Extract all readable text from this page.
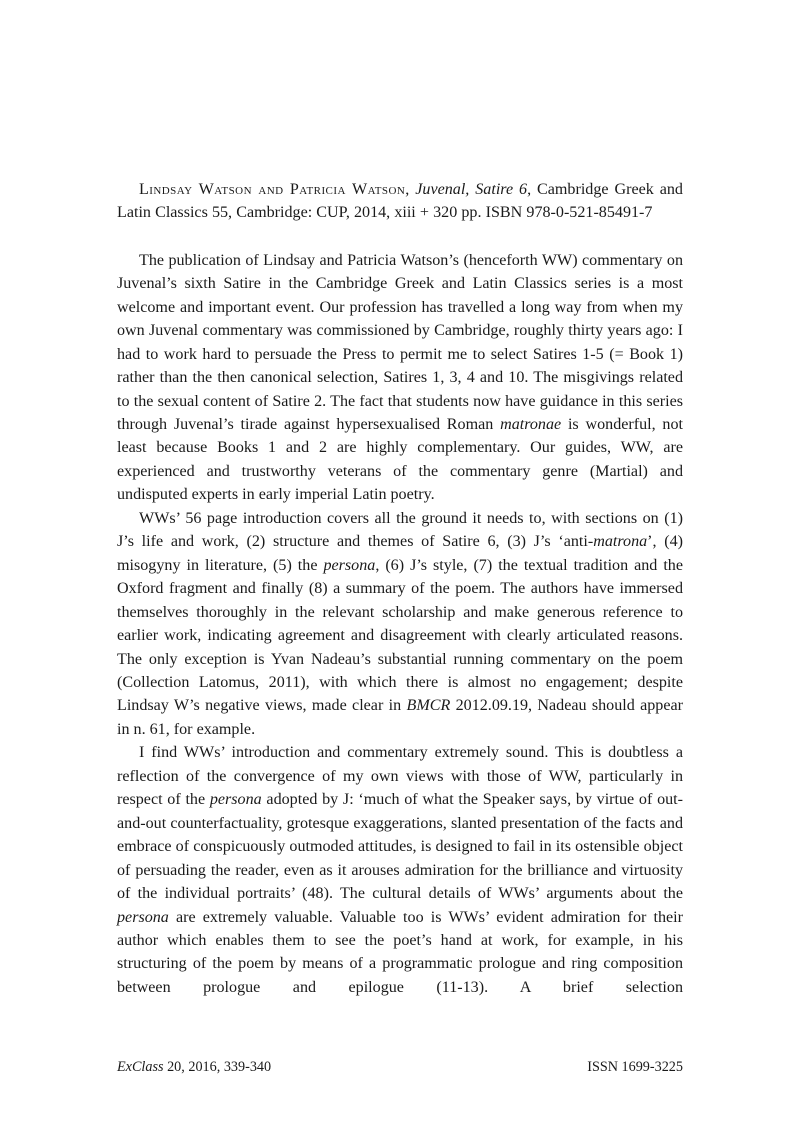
Lindsay Watson and Patricia Watson, Juvenal, Satire 6, Cambridge Greek and Latin Classics 55, Cambridge: CUP, 2014, xiii + 320 pp. ISBN 978-0-521-85491-7

The publication of Lindsay and Patricia Watson’s (henceforth WW) commentary on Juvenal’s sixth Satire in the Cambridge Greek and Latin Classics series is a most welcome and important event. Our profession has travelled a long way from when my own Juvenal commentary was commissioned by Cambridge, roughly thirty years ago: I had to work hard to persuade the Press to permit me to select Satires 1-5 (= Book 1) rather than the then canonical selection, Satires 1, 3, 4 and 10. The misgivings related to the sexual content of Satire 2. The fact that students now have guidance in this series through Juvenal’s tirade against hypersexualised Roman matronae is wonderful, not least because Books 1 and 2 are highly complementary. Our guides, WW, are experienced and trustworthy veterans of the commentary genre (Martial) and undisputed experts in early imperial Latin poetry.

WWs’ 56 page introduction covers all the ground it needs to, with sections on (1) J’s life and work, (2) structure and themes of Satire 6, (3) J’s ‘anti-matrona’, (4) misogyny in literature, (5) the persona, (6) J’s style, (7) the textual tradition and the Oxford fragment and finally (8) a summary of the poem. The authors have immersed themselves thoroughly in the relevant scholarship and make generous reference to earlier work, indicating agreement and disagreement with clearly articulated reasons. The only exception is Yvan Nadeau’s substantial running commentary on the poem (Collection Latomus, 2011), with which there is almost no engagement; despite Lindsay W’s negative views, made clear in BMCR 2012.09.19, Nadeau should appear in n. 61, for example.

I find WWs’ introduction and commentary extremely sound. This is doubtless a reflection of the convergence of my own views with those of WW, particularly in respect of the persona adopted by J: ‘much of what the Speaker says, by virtue of out-and-out counterfactuality, grotesque exaggerations, slanted presentation of the facts and embrace of conspicuously outmoded attitudes, is designed to fail in its ostensible object of persuading the reader, even as it arouses admiration for the brilliance and virtuosity of the individual portraits’ (48). The cultural details of WWs’ arguments about the persona are extremely valuable. Valuable too is WWs’ evident admiration for their author which enables them to see the poet’s hand at work, for example, in his structuring of the poem by means of a programmatic prologue and ring composition between prologue and epilogue (11-13). A brief selection

ExClass 20, 2016, 339-340	ISSN 1699-3225
